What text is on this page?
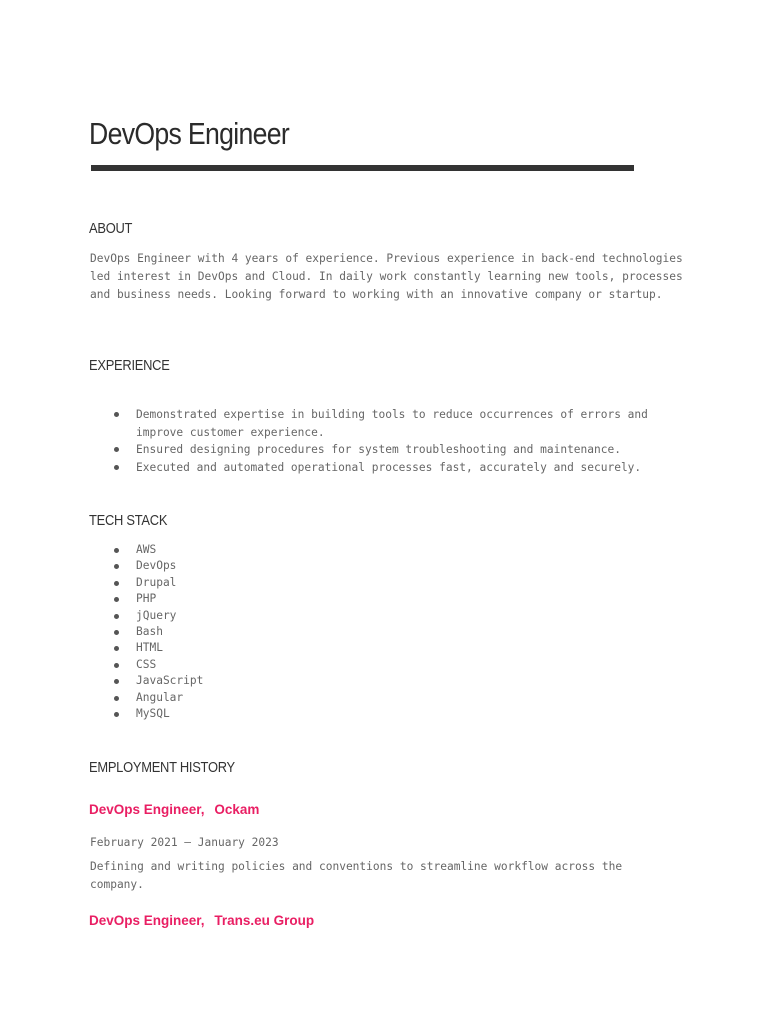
DevOps Engineer
ABOUT

DevOps Engineer with 4 years of experience. Previous experience in back-end technologies led interest in DevOps and Cloud. In daily work constantly learning new tools, processes and business needs. Looking forward to working with an innovative company or startup.

EXPERIENCE
Demonstrated expertise in building tools to reduce occurrences of errors and improve customer experience.
Ensured designing procedures for system troubleshooting and maintenance.
Executed and automated operational processes fast, accurately and securely.
TECH STACK
AWS
DevOps
Drupal
PHP
jQuery
Bash
HTML
CSS
JavaScript
Angular
MySQL
EMPLOYMENT HISTORY
DevOps Engineer, Ockam

February 2021 — January 2023

Defining and writing policies and conventions to streamline workflow across the company.

DevOps Engineer, Trans.eu Group
